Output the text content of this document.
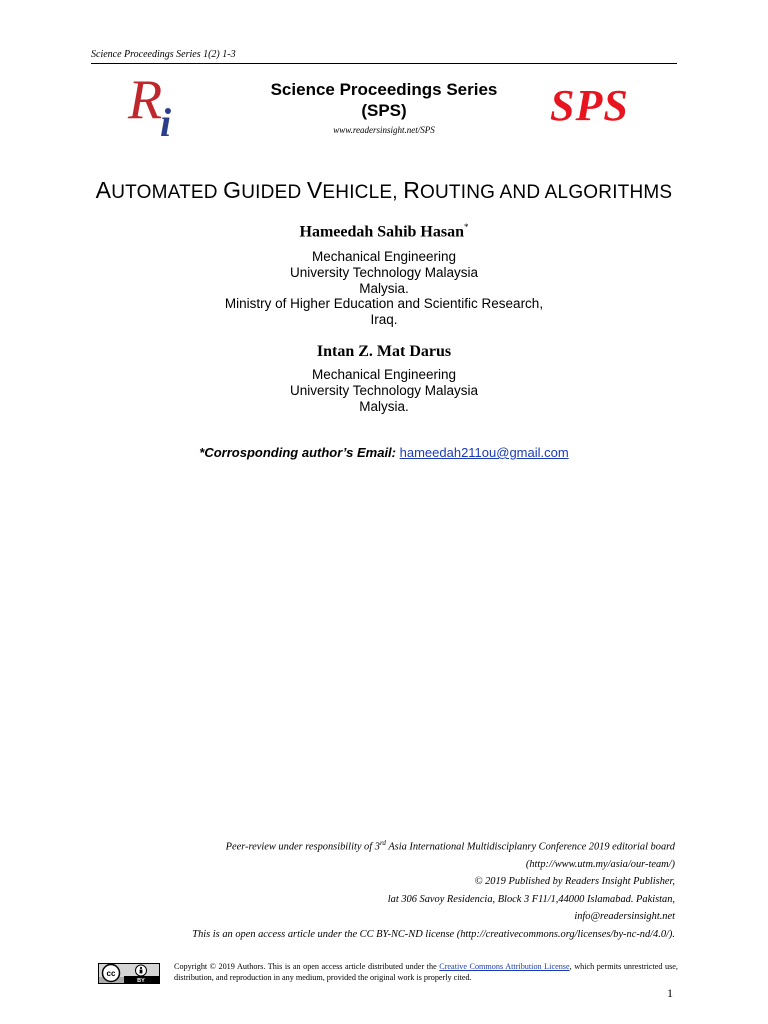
Science Proceedings Series 1(2) 1-3
R
i	SPS
Science Proceedings Series
(SPS)
www.readersinsight.net/SPS
AUTOMATED GUIDED VEHICLE, ROUTING AND ALGORITHMS
Hameedah Sahib Hasan*
Mechanical Engineering
University Technology Malaysia
Malysia.
Ministry of Higher Education and Scientific Research,
Iraq.
Intan Z. Mat Darus
Mechanical Engineering
University Technology Malaysia
Malysia.
*Corrosponding author’s Email: hameedah211ou@gmail.com
Peer-review under responsibility of 3rd Asia International Multidisciplanry Conference 2019 editorial board
(http://www.utm.my/asia/our-team/)
© 2019 Published by Readers Insight Publisher,
lat 306 Savoy Residencia, Block 3 F11/1,44000 Islamabad. Pakistan,
info@readersinsight.net
This is an open access article under the CC BY-NC-ND license (http://creativecommons.org/licenses/by-nc-nd/4.0/).
cc
BY
Copyright © 2019 Authors. This is an open access article distributed under the Creative Commons Attribution License, which permits unrestricted use, distribution, and reproduction in any medium, provided the original work is properly cited.
1
